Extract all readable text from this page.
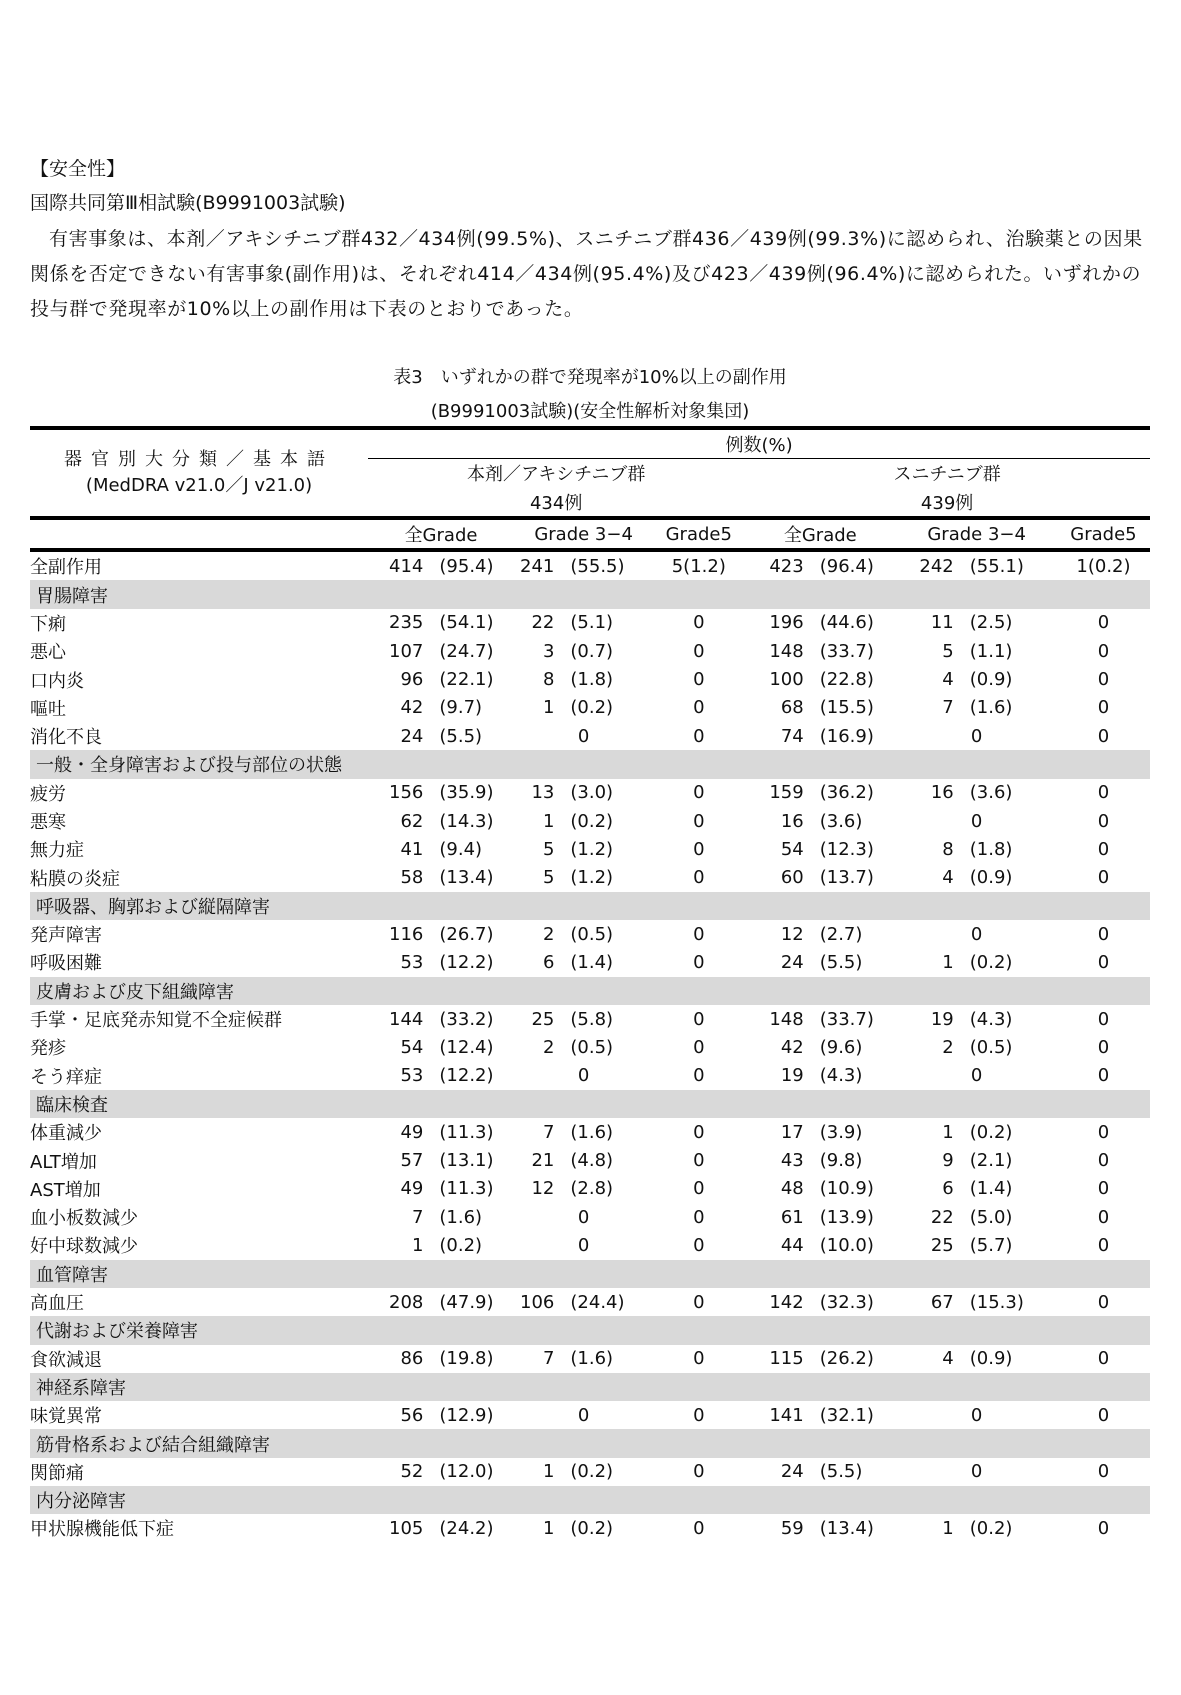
【安全性】
国際共同第Ⅲ相試験(B9991003試験)
有害事象は、本剤／アキシチニブ群432／434例(99.5%)、スニチニブ群436／439例(99.3%)に認められ、治験薬との因果関係を否定できない有害事象(副作用)は、それぞれ414／434例(95.4%)及び423／439例(96.4%)に認められた。いずれかの投与群で発現率が10%以上の副作用は下表のとおりであった。
表3　いずれかの群で発現率が10%以上の副作用
(B9991003試験)(安全性解析対象集団)
器官別大分類／基本語
(MedDRA v21.0／J v21.0)	例数(%)									
	本剤／アキシチニブ群					スニチニブ群				
	434例					439例				
	全Grade		Grade 3−4		Grade5	全Grade		Grade 3−4		Grade5
全副作用	414	(95.4)	241	(55.5)	5(1.2)	423	(96.4)	242	(55.1)	1(0.2)
胃腸障害										
下痢	235	(54.1)	22	(5.1)	0	196	(44.6)	11	(2.5)	0
悪心	107	(24.7)	3	(0.7)	0	148	(33.7)	5	(1.1)	0
口内炎	96	(22.1)	8	(1.8)	0	100	(22.8)	4	(0.9)	0
嘔吐	42	(9.7)	1	(0.2)	0	68	(15.5)	7	(1.6)	0
消化不良	24	(5.5)	0		0	74	(16.9)	0		0
一般・全身障害および投与部位の状態										
疲労	156	(35.9)	13	(3.0)	0	159	(36.2)	16	(3.6)	0
悪寒	62	(14.3)	1	(0.2)	0	16	(3.6)	0		0
無力症	41	(9.4)	5	(1.2)	0	54	(12.3)	8	(1.8)	0
粘膜の炎症	58	(13.4)	5	(1.2)	0	60	(13.7)	4	(0.9)	0
呼吸器、胸郭および縦隔障害										
発声障害	116	(26.7)	2	(0.5)	0	12	(2.7)	0		0
呼吸困難	53	(12.2)	6	(1.4)	0	24	(5.5)	1	(0.2)	0
皮膚および皮下組織障害										
手掌・足底発赤知覚不全症候群	144	(33.2)	25	(5.8)	0	148	(33.7)	19	(4.3)	0
発疹	54	(12.4)	2	(0.5)	0	42	(9.6)	2	(0.5)	0
そう痒症	53	(12.2)	0		0	19	(4.3)	0		0
臨床検査										
体重減少	49	(11.3)	7	(1.6)	0	17	(3.9)	1	(0.2)	0
ALT増加	57	(13.1)	21	(4.8)	0	43	(9.8)	9	(2.1)	0
AST増加	49	(11.3)	12	(2.8)	0	48	(10.9)	6	(1.4)	0
血小板数減少	7	(1.6)	0		0	61	(13.9)	22	(5.0)	0
好中球数減少	1	(0.2)	0		0	44	(10.0)	25	(5.7)	0
血管障害										
高血圧	208	(47.9)	106	(24.4)	0	142	(32.3)	67	(15.3)	0
代謝および栄養障害										
食欲減退	86	(19.8)	7	(1.6)	0	115	(26.2)	4	(0.9)	0
神経系障害										
味覚異常	56	(12.9)	0		0	141	(32.1)	0		0
筋骨格系および結合組織障害										
関節痛	52	(12.0)	1	(0.2)	0	24	(5.5)	0		0
内分泌障害										
甲状腺機能低下症	105	(24.2)	1	(0.2)	0	59	(13.4)	1	(0.2)	0
